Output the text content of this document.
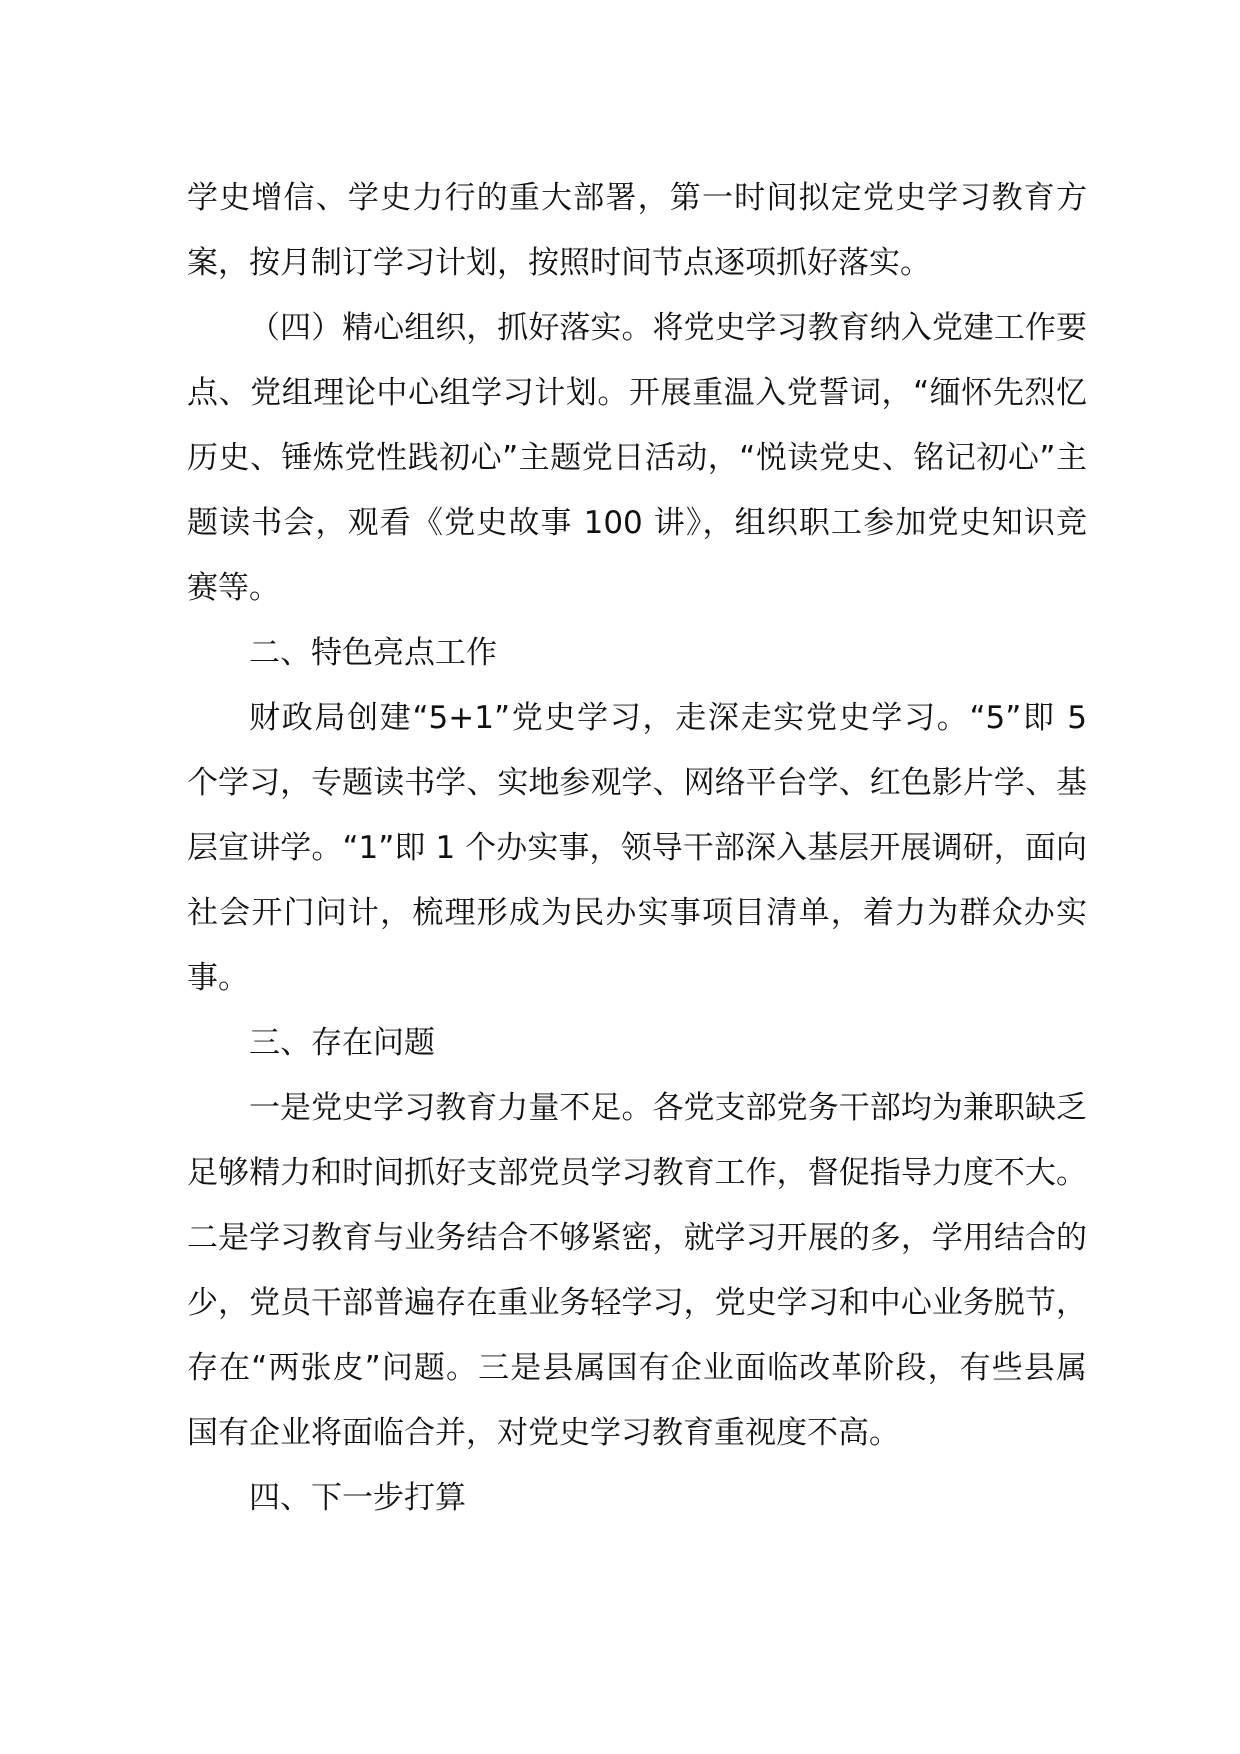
学史增信、学史力行的重大部署，第一时间拟定党史学习教育方案，按月制订学习计划，按照时间节点逐项抓好落实。

（四）精心组织，抓好落实。将党史学习教育纳入党建工作要点、党组理论中心组学习计划。开展重温入党誓词，“缅怀先烈忆历史、锤炼党性践初心”主题党日活动，“悦读党史、铭记初心”主题读书会，观看《党史故事 100 讲》，组织职工参加党史知识竞赛等。

二、特色亮点工作

财政局创建“5+1”党史学习，走深走实党史学习。“5”即 5 个学习，专题读书学、实地参观学、网络平台学、红色影片学、基层宣讲学。“1”即 1 个办实事，领导干部深入基层开展调研，面向社会开门问计，梳理形成为民办实事项目清单，着力为群众办实事。

三、存在问题

一是党史学习教育力量不足。各党支部党务干部均为兼职缺乏足够精力和时间抓好支部党员学习教育工作，督促指导力度不大。二是学习教育与业务结合不够紧密，就学习开展的多，学用结合的少，党员干部普遍存在重业务轻学习，党史学习和中心业务脱节，存在“两张皮”问题。三是县属国有企业面临改革阶段，有些县属国有企业将面临合并，对党史学习教育重视度不高。

四、下一步打算
